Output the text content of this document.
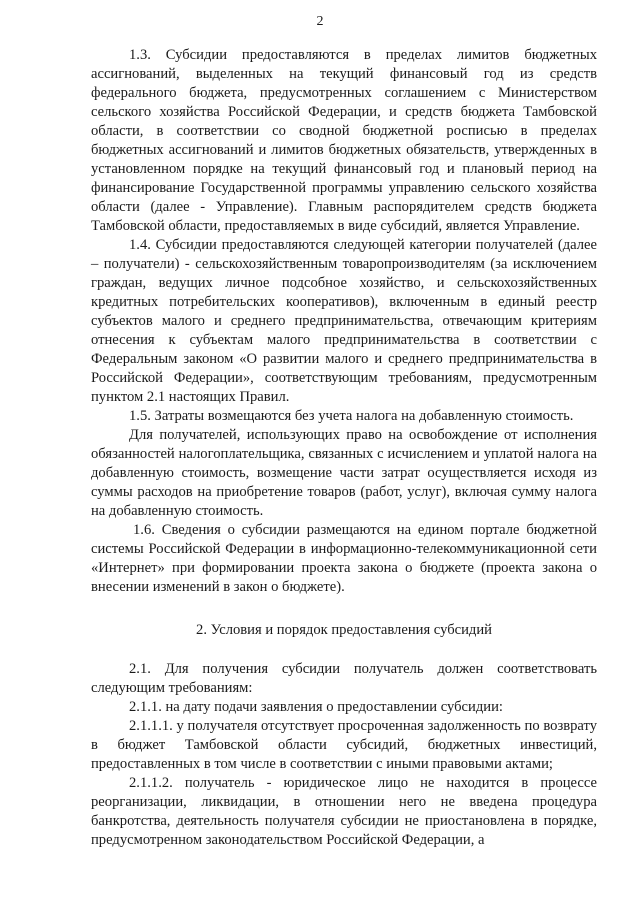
2

1.3. Субсидии предоставляются в пределах лимитов бюджетных ассигнований, выделенных на текущий финансовый год из средств федерального бюджета, предусмотренных соглашением с Министерством сельского хозяйства Российской Федерации, и средств бюджета Тамбовской области, в соответствии со сводной бюджетной росписью в пределах бюджетных ассигнований и лимитов бюджетных обязательств, утвержденных в установленном порядке на текущий финансовый год и плановый период на финансирование Государственной программы управлению сельского хозяйства области (далее - Управление). Главным распорядителем средств бюджета Тамбовской области, предоставляемых в виде субсидий, является Управление.

1.4. Субсидии предоставляются следующей категории получателей (далее – получатели) - сельскохозяйственным товаропроизводителям (за исключением граждан, ведущих личное подсобное хозяйство, и сельскохозяйственных кредитных потребительских кооперативов), включенным в единый реестр субъектов малого и среднего предпринимательства, отвечающим критериям отнесения к субъектам малого предпринимательства в соответствии с Федеральным законом «О развитии малого и среднего предпринимательства в Российской Федерации», соответствующим требованиям, предусмотренным пунктом 2.1 настоящих Правил.

1.5. Затраты возмещаются без учета налога на добавленную стоимость.

Для получателей, использующих право на освобождение от исполнения обязанностей налогоплательщика, связанных с исчислением и уплатой налога на добавленную стоимость, возмещение части затрат осуществляется исходя из суммы расходов на приобретение товаров (работ, услуг), включая сумму налога на добавленную стоимость.

1.6. Сведения о субсидии размещаются на едином портале бюджетной системы Российской Федерации в информационно-телекоммуникационной сети «Интернет» при формировании проекта закона о бюджете (проекта закона о внесении изменений в закон о бюджете).

2. Условия и порядок предоставления субсидий

2.1. Для получения субсидии получатель должен соответствовать следующим требованиям:

2.1.1. на дату подачи заявления о предоставлении субсидии:

2.1.1.1. у получателя отсутствует просроченная задолженность по возврату в бюджет Тамбовской области субсидий, бюджетных инвестиций, предоставленных в том числе в соответствии с иными правовыми актами;

2.1.1.2. получатель - юридическое лицо не находится в процессе реорганизации, ликвидации, в отношении него не введена процедура банкротства, деятельность получателя субсидии не приостановлена в порядке, предусмотренном законодательством Российской Федерации, а
